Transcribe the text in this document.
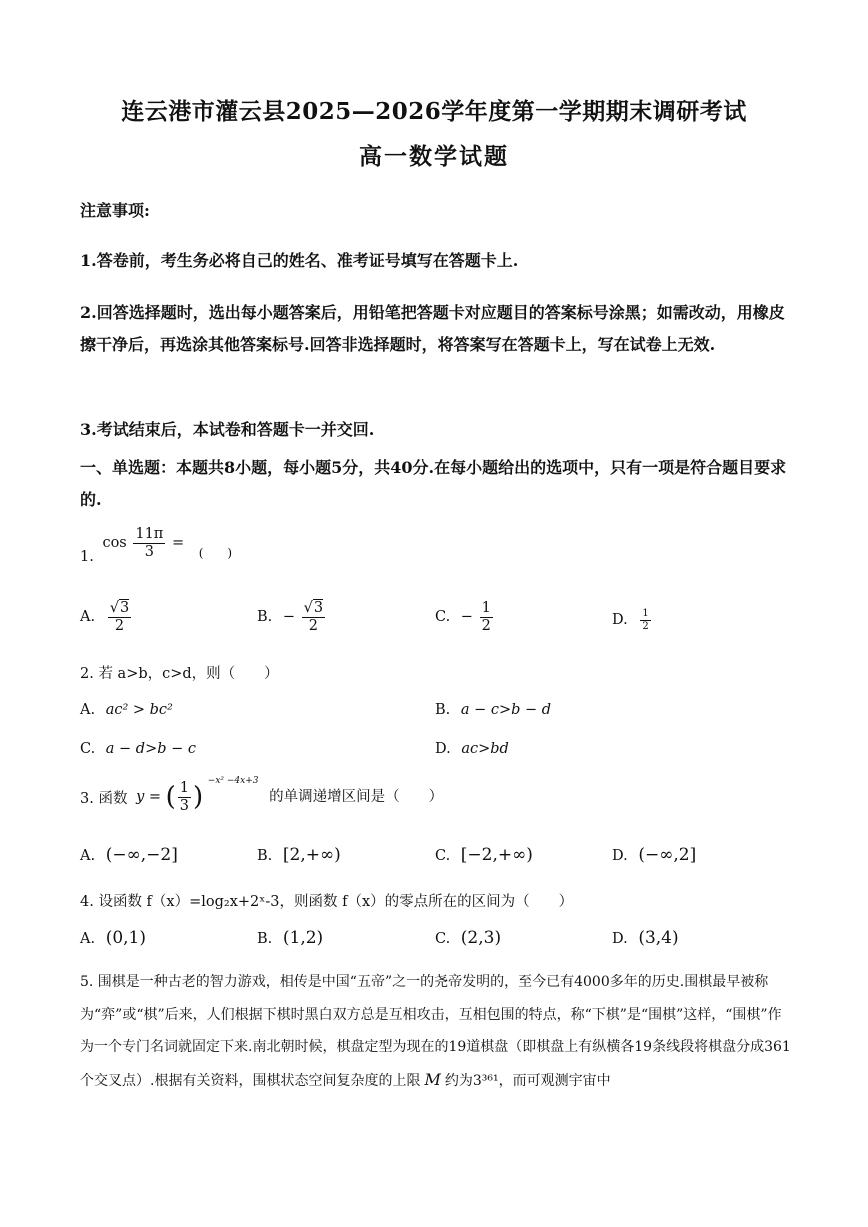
连云港市灌云县2025—2026学年度第一学期期末调研考试
高一数学试题
注意事项:
1.答卷前，考生务必将自己的姓名、准考证号填写在答题卡上.
2.回答选择题时，选出每小题答案后，用铅笔把答题卡对应题目的答案标号涂黑；如需改动，用橡皮擦干净后，再选涂其他答案标号.回答非选择题时，将答案写在答题卡上，写在试卷上无效.
3.考试结束后，本试卷和答题卡一并交回.
一、单选题：本题共8小题，每小题5分，共40分.在每小题给出的选项中，只有一项是符合题目要求的.
1. $\cos \frac{11\pi}{3} = _{( )}$
A. $\frac{√3}{2}$	B. − $\frac{√3}{2}$	C. − $\frac{1}{2}$	D. $\frac{1}{2}$
2. 若 a>b，c>d，则（　　）
A. ac² > bc²	B. a − c>b − d
C. a − d>b − c	D. ac>bd
3. 函数 y = ( $\frac{1}{3}$ ) $^{-x^2 -4x+3}$ 的单调递增区间是（　　）
A. (−∞,−2]	B. [2,+∞)	C. [−2,+∞)	D. (−∞,2]
4. 设函数 f（x）=log₂x+2ˣ-3，则函数 f（x）的零点所在的区间为（　　）
A. (0,1)	B. (1,2)	C. (2,3)	D. (3,4)
5. 围棋是一种古老的智力游戏，相传是中国“五帝”之一的尧帝发明的，至今已有4000多年的历史.围棋最早被称为“弈”或“棋”后来，人们根据下棋时黑白双方总是互相攻击，互相包围的特点，称“下棋”是“围棋”这样，“围棋”作为一个专门名词就固定下来.南北朝时候，棋盘定型为现在的19道棋盘（即棋盘上有纵横各19条线段将棋盘分成361个交叉点）.根据有关资料，围棋状态空间复杂度的上限 M 约为3³⁶¹，而可观测宇宙中
